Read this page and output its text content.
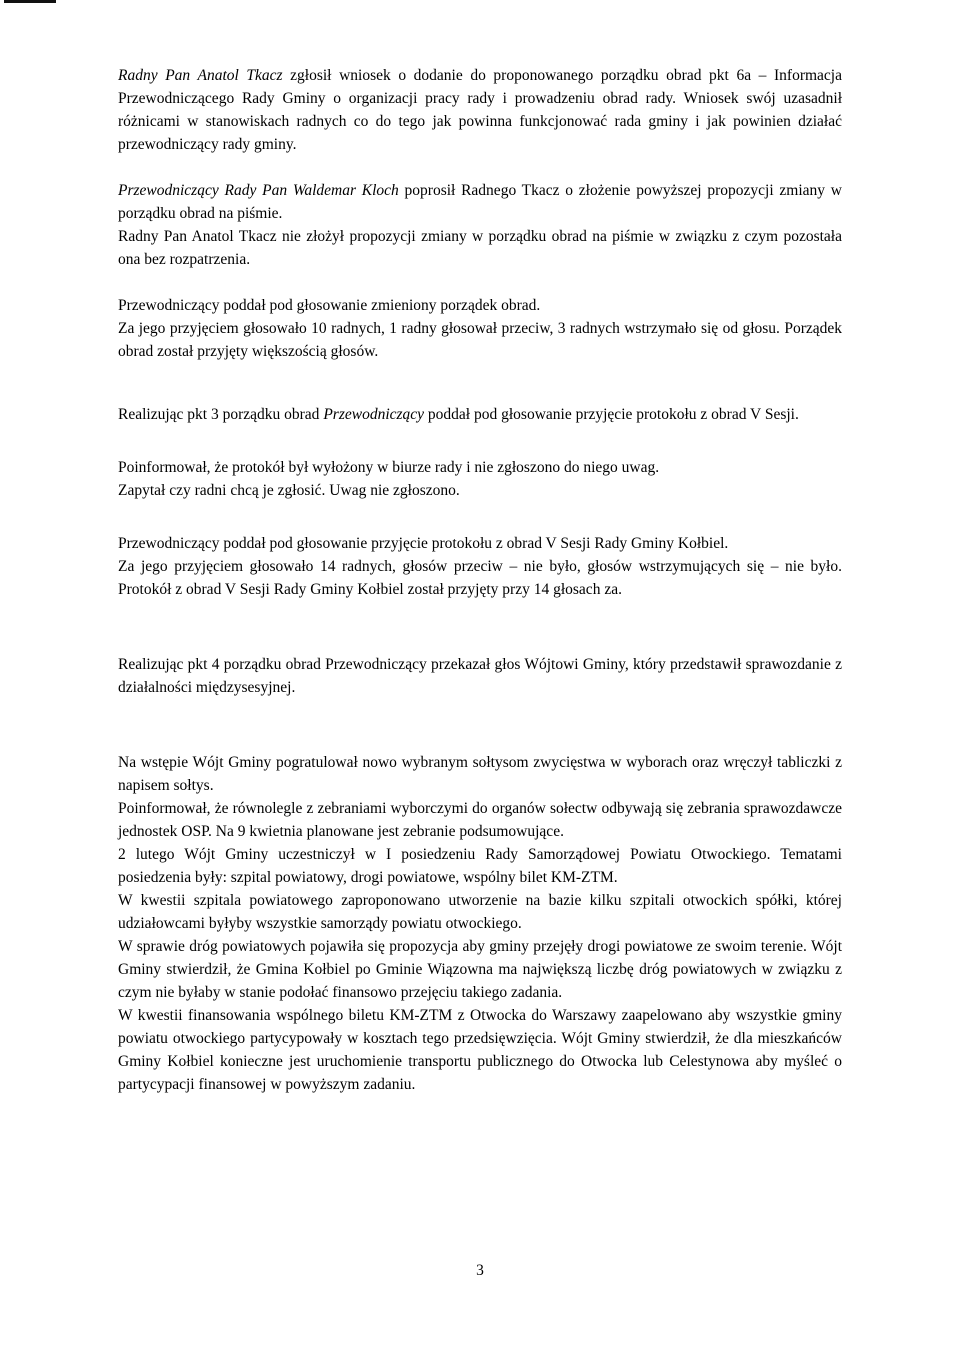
Radny Pan Anatol Tkacz zgłosił wniosek o dodanie do proponowanego porządku obrad pkt 6a – Informacja Przewodniczącego Rady Gminy o organizacji pracy rady i prowadzeniu obrad rady. Wniosek swój uzasadnił różnicami w stanowiskach radnych co do tego jak powinna funkcjonować rada gminy i jak powinien działać przewodniczący rady gminy.

Przewodniczący Rady Pan Waldemar Kloch poprosił Radnego Tkacz o złożenie powyższej propozycji zmiany w porządku obrad na piśmie.

Radny Pan Anatol Tkacz nie złożył propozycji zmiany w porządku obrad na piśmie w związku z czym pozostała ona bez rozpatrzenia.

Przewodniczący poddał pod głosowanie zmieniony porządek obrad.

Za jego przyjęciem głosowało 10 radnych, 1 radny głosował przeciw, 3 radnych wstrzymało się od głosu. Porządek obrad został przyjęty większością głosów.

Realizując pkt 3 porządku obrad Przewodniczący poddał pod głosowanie przyjęcie protokołu z obrad V Sesji.

Poinformował, że protokół był wyłożony w biurze rady i nie zgłoszono do niego uwag.

Zapytał czy radni chcą je zgłosić. Uwag nie zgłoszono.

Przewodniczący poddał pod głosowanie przyjęcie protokołu z obrad V Sesji Rady Gminy Kołbiel.

Za jego przyjęciem głosowało 14 radnych, głosów przeciw – nie było, głosów wstrzymujących się – nie było. Protokół z obrad V Sesji Rady Gminy Kołbiel został przyjęty przy 14 głosach za.

Realizując pkt 4 porządku obrad Przewodniczący przekazał głos Wójtowi Gminy, który przedstawił sprawozdanie z działalności międzysesyjnej.

Na wstępie Wójt Gminy pogratulował nowo wybranym sołtysom zwycięstwa w wyborach oraz wręczył tabliczki z napisem sołtys.

Poinformował, że równolegle z zebraniami wyborczymi do organów sołectw odbywają się zebrania sprawozdawcze jednostek OSP. Na 9 kwietnia planowane jest zebranie podsumowujące.

2 lutego Wójt Gminy uczestniczył w I posiedzeniu Rady Samorządowej Powiatu Otwockiego. Tematami posiedzenia były: szpital powiatowy, drogi powiatowe, wspólny bilet KM-ZTM.

W kwestii szpitala powiatowego zaproponowano utworzenie na bazie kilku szpitali otwockich spółki, której udziałowcami byłyby wszystkie samorządy powiatu otwockiego.

W sprawie dróg powiatowych pojawiła się propozycja aby gminy przejęły drogi powiatowe ze swoim terenie. Wójt Gminy stwierdził, że Gmina Kołbiel po Gminie Wiązowna ma największą liczbę dróg powiatowych w związku z czym nie byłaby w stanie podołać finansowo przejęciu takiego zadania.

W kwestii finansowania wspólnego biletu KM-ZTM z Otwocka do Warszawy zaapelowano aby wszystkie gminy powiatu otwockiego partycypowały w kosztach tego przedsięwzięcia. Wójt Gminy stwierdził, że dla mieszkańców Gminy Kołbiel konieczne jest uruchomienie transportu publicznego do Otwocka lub Celestynowa aby myśleć o partycypacji finansowej w powyższym zadaniu.

3
